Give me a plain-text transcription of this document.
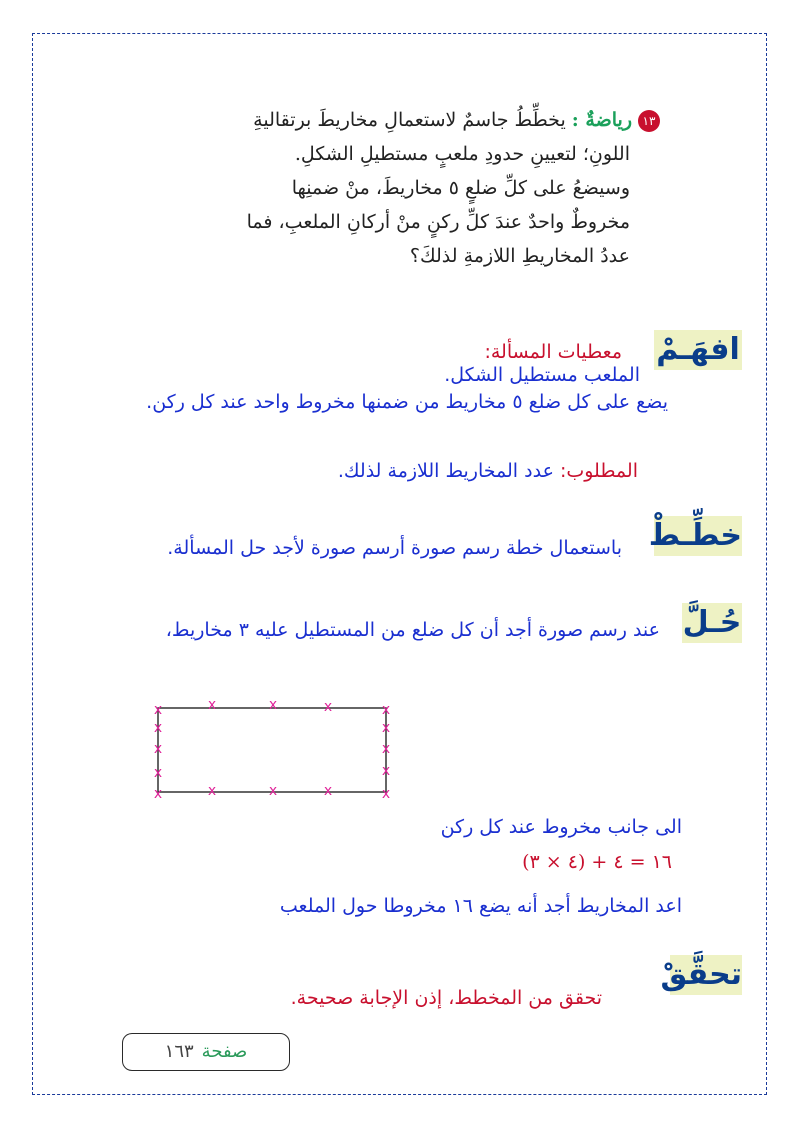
١٣رياضةٌ : يخطِّطُ جاسمٌ لاستعمالِ مخاريطَ برتقاليةِ
اللونِ؛ لتعيينِ حدودِ ملعبٍ مستطيلِ الشكلِ.
وسيضعُ على كلِّ ضلعٍ ٥ مخاريطَ، منْ ضمنِها
مخروطٌ واحدٌ عندَ كلِّ ركنٍ منْ أركانِ الملعبِ، فما
عددُ المخاريطِ اللازمةِ لذلكَ؟
افهَـمْ
معطيات المسألة:
الملعب مستطيل الشكل.
يضع على كل ضلع ٥ مخاريط من ضمنها مخروط واحد عند كل ركن.
المطلوب: عدد المخاريط اللازمة لذلك.
خطِّـطْ
باستعمال خطة رسم صورة أرسم صورة لأجد حل المسألة.
حُـلَّ
عند رسم صورة أجد أن كل ضلع من المستطيل عليه ٣ مخاريط،
x	x	x	x	x
x
x
x
x
x
x
x	x	x	x	x
الى جانب مخروط عند كل ركن
١٦ = ٤ + (٤ × ٣)
اعد المخاريط أجد أنه يضع ١٦ مخروطا حول الملعب
تحقَّقْ
تحقق من المخطط، إذن الإجابة صحيحة.
صفحة١٦٣
